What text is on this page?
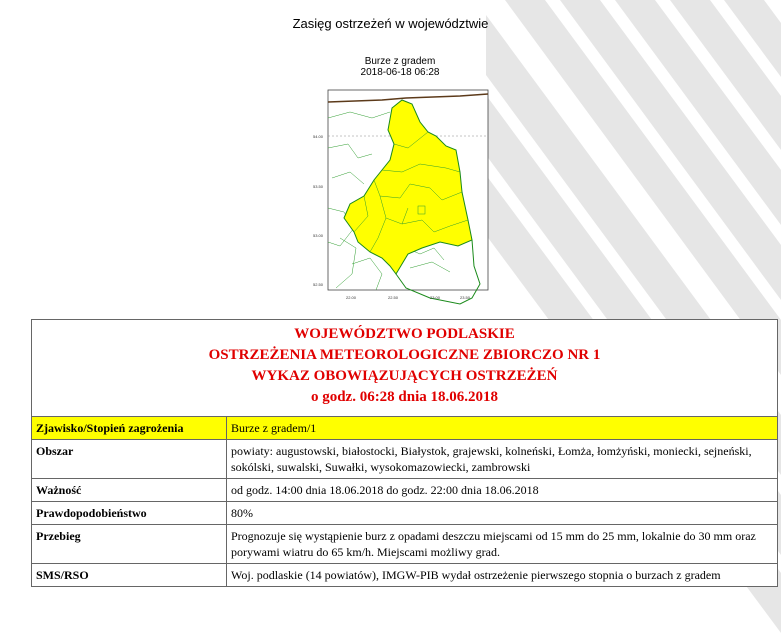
Zasięg ostrzeżeń w województwie
Burze z gradem
2018-06-18 06:28
54.00
53.50
53.00
52.50
22.00	22.50	23.00	23.50
WOJEWÓDZTWO PODLASKIE
OSTRZEŻENIA METEOROLOGICZNE ZBIORCZO NR 1
WYKAZ OBOWIĄZUJĄCYCH OSTRZEŻEŃ
o godz. 06:28 dnia 18.06.2018	

Zjawisko/Stopień zagrożenia	Burze z gradem/1
Obszar	powiaty: augustowski, białostocki, Białystok, grajewski, kolneński, Łomża, łomżyński, moniecki, sejneński, sokólski, suwalski, Suwałki, wysokomazowiecki, zambrowski
Ważność	od godz. 14:00 dnia 18.06.2018 do godz. 22:00 dnia 18.06.2018
Prawdopodobieństwo	80%
Przebieg	Prognozuje się wystąpienie burz z opadami deszczu miejscami od 15 mm do 25 mm, lokalnie do 30 mm oraz porywami wiatru do 65 km/h. Miejscami możliwy grad.
SMS/RSO	Woj. podlaskie (14 powiatów), IMGW-PIB wydał ostrzeżenie pierwszego stopnia o burzach z gradem
